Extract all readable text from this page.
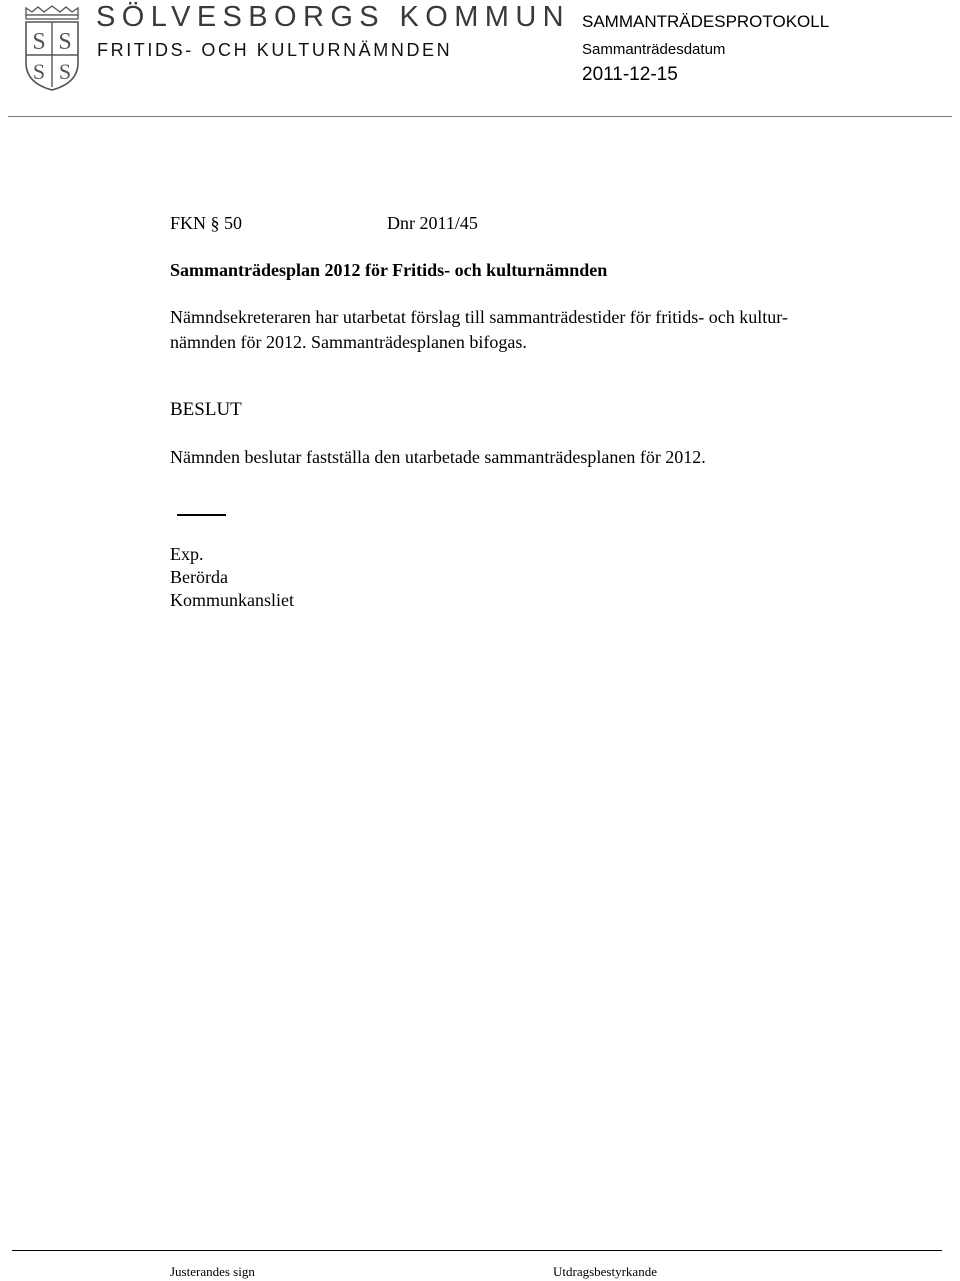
S S
S S
SÖLVESBORGS KOMMUN
FRITIDS- OCH KULTURNÄMNDEN
SAMMANTRÄDESPROTOKOLL
Sammanträdesdatum
2011-12-15
FKN § 50	Dnr 2011/45
Sammanträdesplan 2012 för Fritids- och kulturnämnden
Nämndsekreteraren har utarbetat förslag till sammanträdestider för fritids- och kultur-
nämnden för 2012. Sammanträdesplanen bifogas.
BESLUT
Nämnden beslutar fastställa den utarbetade sammanträdesplanen för 2012.
Exp.
Berörda
Kommunkansliet
Justerandes sign	Utdragsbestyrkande
